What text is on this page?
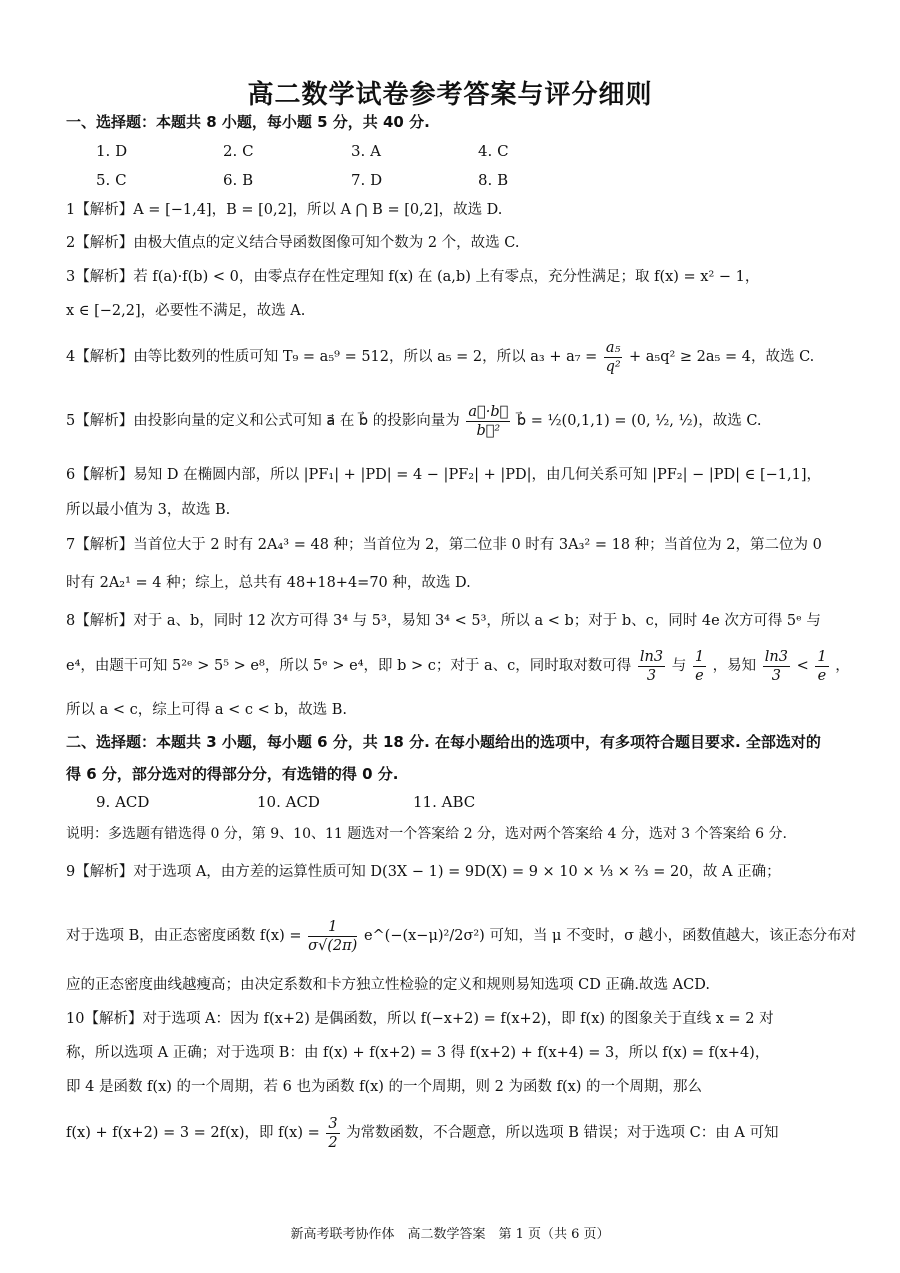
高二数学试卷参考答案与评分细则
一、选择题：本题共 8 小题，每小题 5 分，共 40 分.
1. D	2. C	3. A	4. C
5. C	6. B	7. D	8. B
1【解析】A = [−1,4]，B = [0,2]，所以 A ⋂ B = [0,2]，故选 D.
2【解析】由极大值点的定义结合导函数图像可知个数为 2 个，故选 C.
3【解析】若 f(a)·f(b) < 0，由零点存在性定理知 f(x) 在 (a,b) 上有零点，充分性满足；取 f(x) = x² − 1，
x ∈ [−2,2]，必要性不满足，故选 A.
4【解析】由等比数列的性质可知 T₉ = a₅⁹ = 512，所以 a₅ = 2，所以 $a_3 + a_7 = \frac{\text{a₅}}{\text{q²}} + a_5q^2 \ge 2a_5 = 4$，故选 C.
5【解析】由投影向量的定义和公式可知 a⃗ 在 b⃗ 的投影向量为 $\frac{a⃗\cdot b⃗}{\text{b⃗²}}$ b⃗ = ½(0,1,1) = (0, ½, ½)，故选 C.
6【解析】易知 D 在椭圆内部，所以 |PF₁| + |PD| = 4 − |PF₂| + |PD|，由几何关系可知 |PF₂| − |PD| ∈ [−1,1]，
所以最小值为 3，故选 B.
7【解析】当首位大于 2 时有 2A₄³ = 48 种；当首位为 2，第二位非 0 时有 3A₃² = 18 种；当首位为 2，第二位为 0
时有 2A₂¹ = 4 种；综上，总共有 48+18+4=70 种，故选 D.
8【解析】对于 a、b，同时 12 次方可得 3⁴ 与 5³，易知 3⁴ < 5³，所以 a < b；对于 b、c，同时 4e 次方可得 5ᵉ 与
e⁴，由题干可知 5²ᵉ > 5⁵ > e⁸，所以 5ᵉ > e⁴，即 b > c；对于 a、c，同时取对数可得 $\frac{\ln 3}{3}$ 与 $\frac{1}{e}$ ，易知 $\frac{\ln 3}{3} < \frac{1}{e}$ ，
所以 a < c，综上可得 a < c < b，故选 B.
二、选择题：本题共 3 小题，每小题 6 分，共 18 分. 在每小题给出的选项中，有多项符合题目要求. 全部选对的
得 6 分，部分选对的得部分分，有选错的得 0 分.
9. ACD	10. ACD	11. ABC
说明：多选题有错选得 0 分，第 9、10、11 题选对一个答案给 2 分，选对两个答案给 4 分，选对 3 个答案给 6 分.
9【解析】对于选项 A，由方差的运算性质可知 D(3X − 1) = 9D(X) = 9 × 10 × ⅓ × ⅔ = 20，故 A 正确；
对于选项 B，由正态密度函数 $f(x) = \frac{1}{\sigma√(2\pi)}$ e^(−(x−μ)²/2σ²) 可知，当 μ 不变时，σ 越小，函数值越大，该正态分布对
应的正态密度曲线越瘦高；由决定系数和卡方独立性检验的定义和规则易知选项 CD 正确.故选 ACD.
10【解析】对于选项 A：因为 f(x+2) 是偶函数，所以 f(−x+2) = f(x+2)，即 f(x) 的图象关于直线 x = 2 对
称，所以选项 A 正确；对于选项 B：由 f(x) + f(x+2) = 3 得 f(x+2) + f(x+4) = 3，所以 f(x) = f(x+4)，
即 4 是函数 f(x) 的一个周期，若 6 也为函数 f(x) 的一个周期，则 2 为函数 f(x) 的一个周期，那么
f(x) + f(x+2) = 3 = 2f(x)，即 $f(x) = \frac{3}{2}$ 为常数函数，不合题意，所以选项 B 错误；对于选项 C：由 A 可知
新高考联考协作体　高二数学答案　第 1 页（共 6 页）
